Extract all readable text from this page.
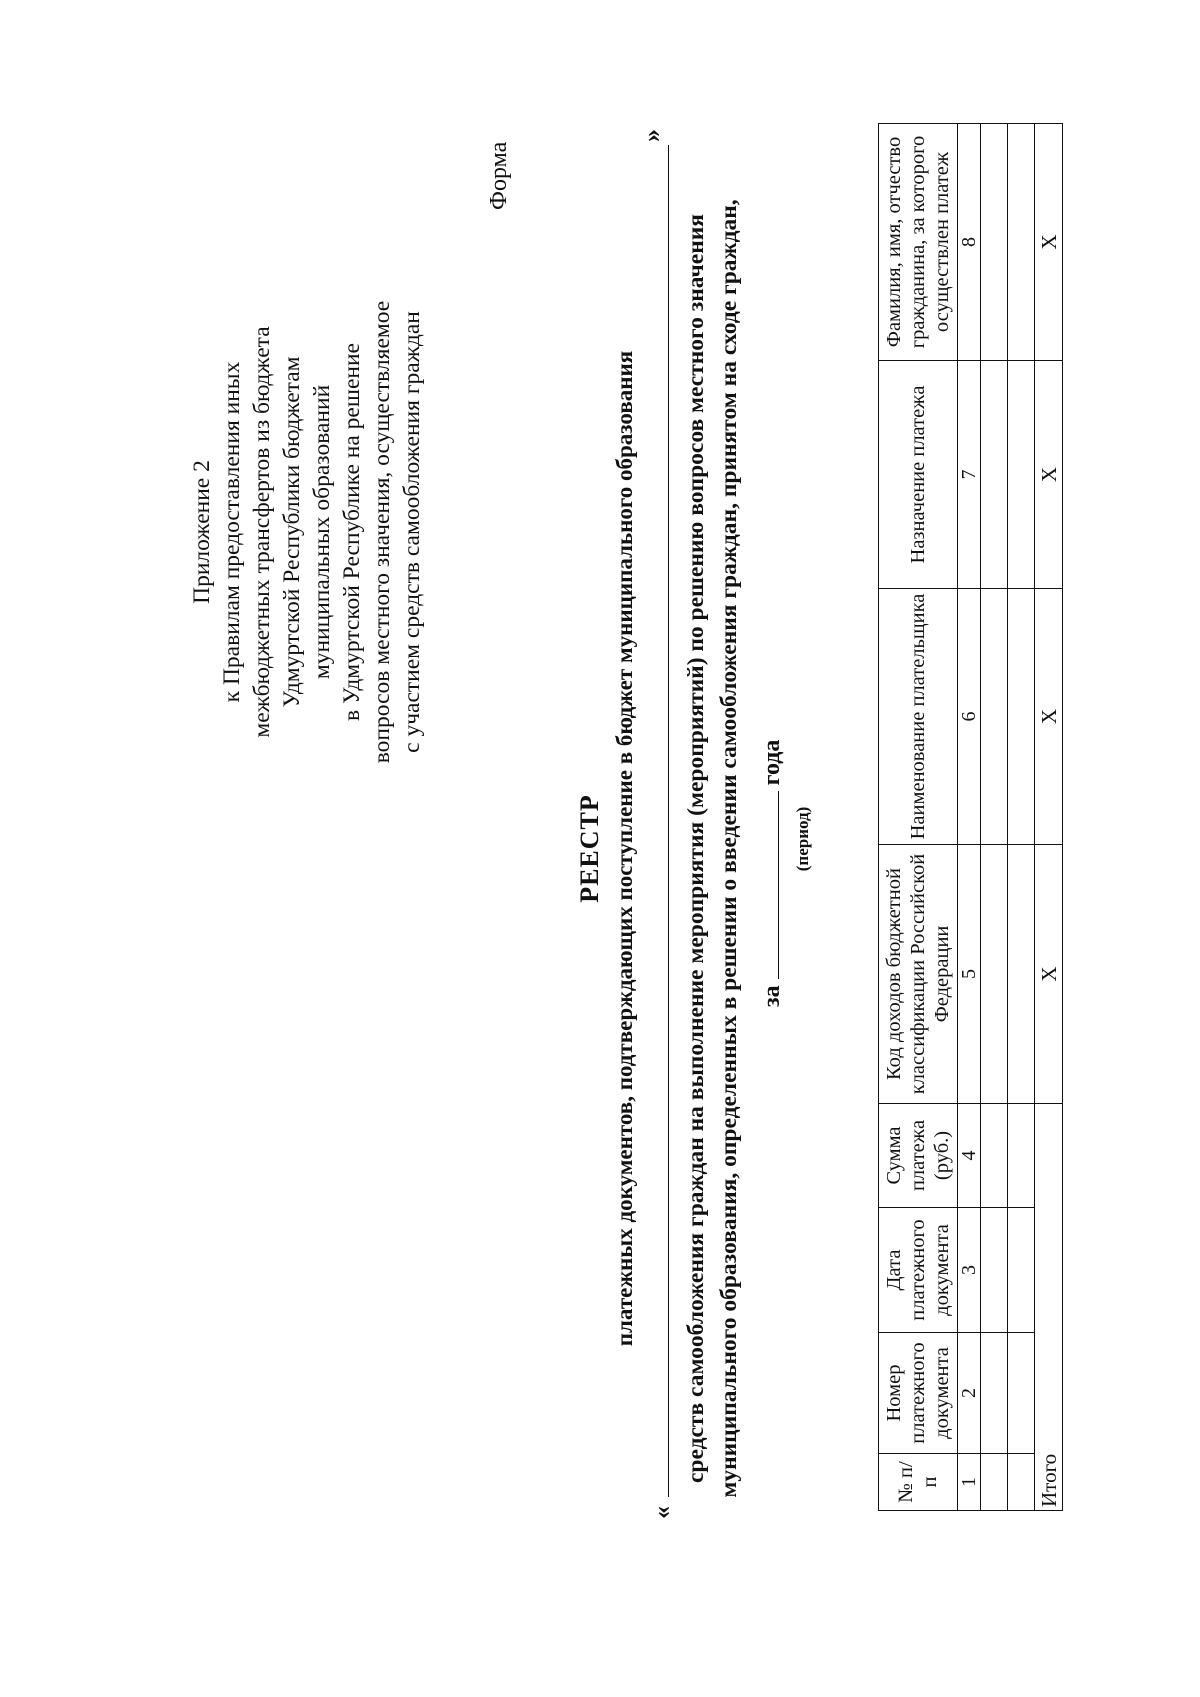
Форма
Приложение 2 к Правилам предоставления иных межбюджетных трансфертов из бюджета Удмуртской Республики бюджетам муниципальных образований в Удмуртской Республике на решение вопросов местного значения, осуществляемое с участием средств самообложения граждан
РЕЕСТР платежных документов, подтверждающих поступление в бюджет муниципального образования
«
»
средств самообложения граждан на выполнение мероприятия (мероприятий) по решению вопросов местного значения муниципального образования, определенных в решении о введении самообложения граждан, принятом на сходе граждан, загода
(период)
№ п/п	Номер платежного документа	Дата платежного документа	Сумма платежа (руб.)	Код доходов бюджетной классификации Российской Федерации	Наименование плательщика	Назначение платежа	Фамилия, имя, отчество гражданина, за которого осуществлен платеж
1	2	3	4	5	6	7	8

Итого				X	X	X	X
